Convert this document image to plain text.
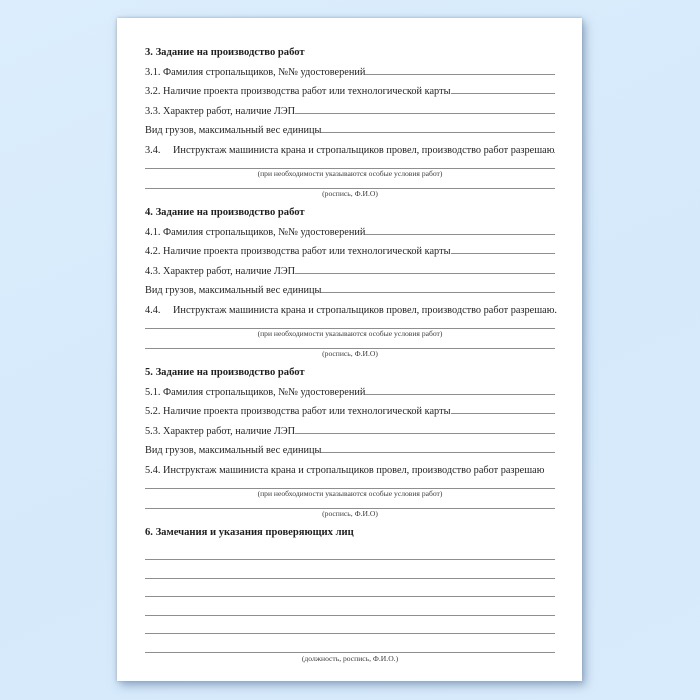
3. Задание на производство работ
3.1. Фамилия стропальщиков, №№ удостоверений
3.2. Наличие проекта производства работ или технологической карты
3.3. Характер работ, наличие ЛЭП
Вид грузов, максимальный вес единицы
3.4.	Инструктаж машиниста крана и стропальщиков провел, производство работ разрешаю
(при необходимости указываются особые условия работ)
(роспись, Ф.И.О)
4. Задание на производство работ
4.1. Фамилия стропальщиков, №№ удостоверений
4.2. Наличие проекта производства работ или технологической карты
4.3. Характер работ, наличие ЛЭП
Вид грузов, максимальный вес единицы
4.4.	Инструктаж машиниста крана и стропальщиков провел, производство работ разрешаю.
(при необходимости указываются особые условия работ)
(роспись, Ф.И.О)
5. Задание на производство работ
5.1. Фамилия стропальщиков, №№ удостоверений
5.2. Наличие проекта производства работ или технологической карты
5.3. Характер работ, наличие ЛЭП
Вид грузов, максимальный вес единицы
5.4. Инструктаж машиниста крана и стропальщиков провел, производство работ разрешаю
(при необходимости указываются особые условия работ)
(роспись, Ф.И.О)
6. Замечания и указания проверяющих лиц
(должность, роспись, Ф.И.О.)
